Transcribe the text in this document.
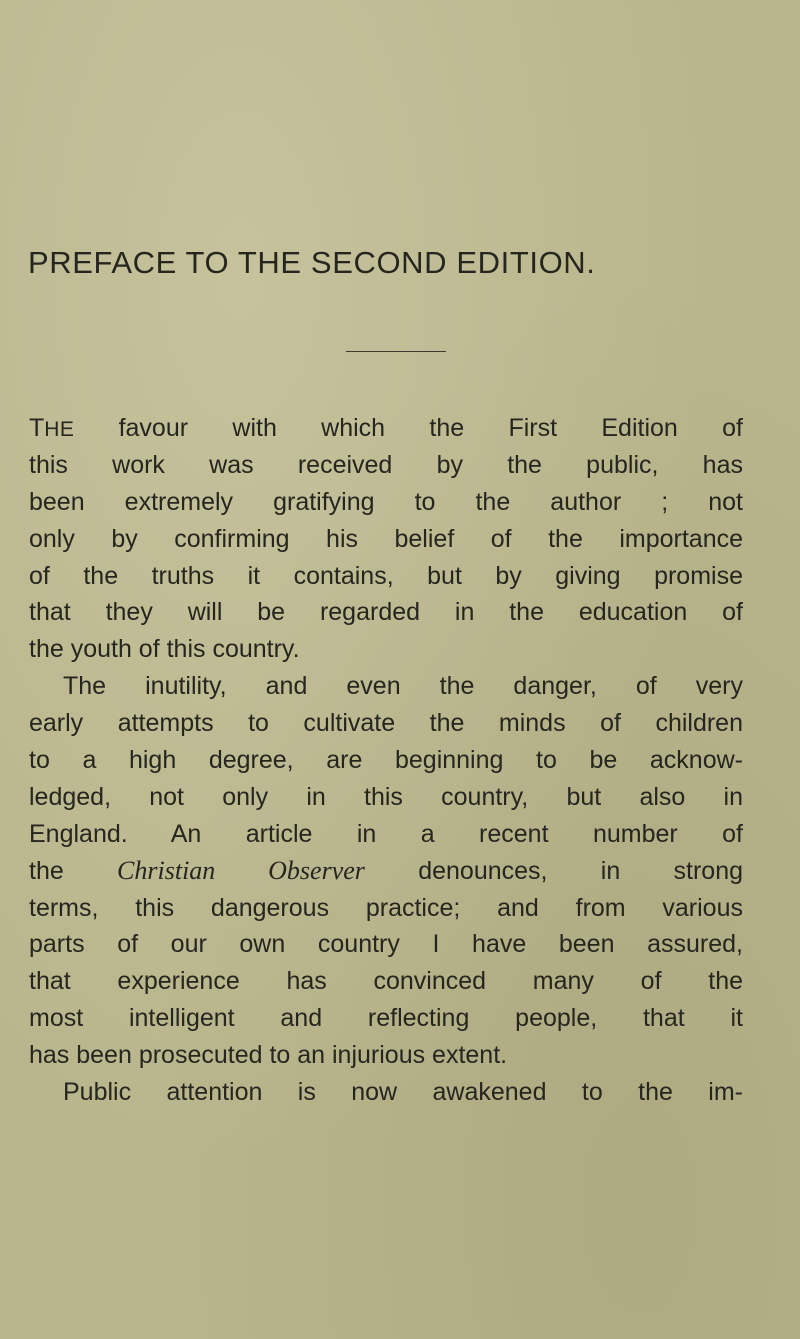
PREFACE TO THE SECOND EDITION.
THE favour with which the First Edition of
this work was received by the public, has
been extremely gratifying to the author ; not
only by confirming his belief of the importance
of the truths it contains, but by giving promise
that they will be regarded in the education of
the youth of this country.
The inutility, and even the danger, of very
early attempts to cultivate the minds of children
to a high degree, are beginning to be acknow-
ledged, not only in this country, but also in
England. An article in a recent number of
the Christian Observer denounces, in strong
terms, this dangerous practice; and from various
parts of our own country I have been assured,
that experience has convinced many of the
most intelligent and reflecting people, that it
has been prosecuted to an injurious extent.
Public attention is now awakened to the im-
